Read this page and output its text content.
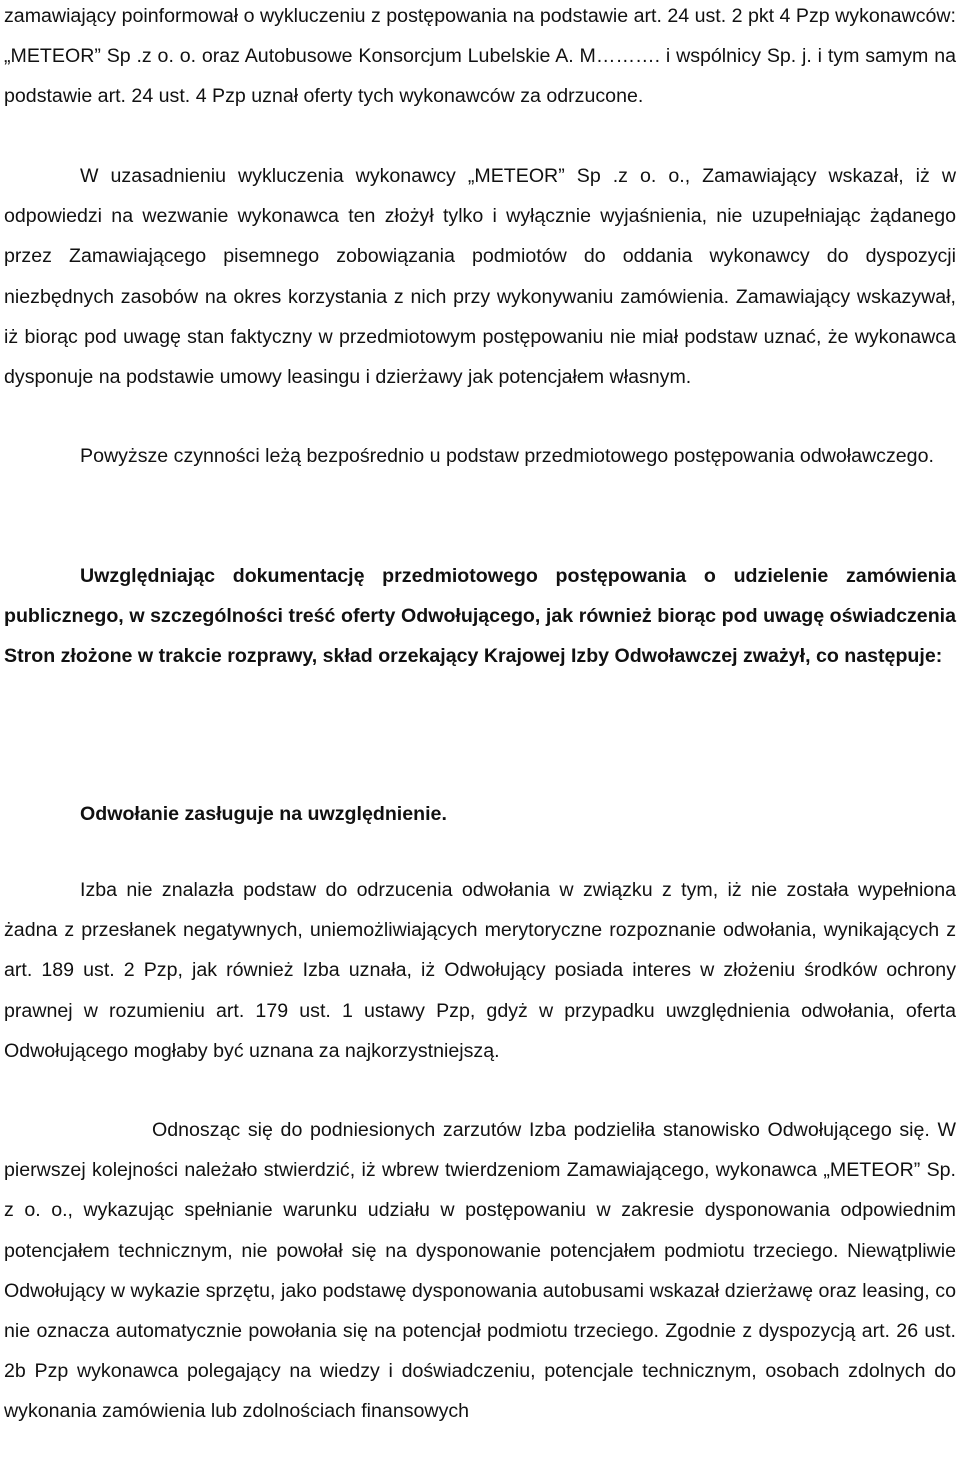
zamawiający poinformował o wykluczeniu z postępowania na podstawie art. 24 ust. 2 pkt 4 Pzp wykonawców: „METEOR” Sp .z o. o. oraz Autobusowe Konsorcjum Lubelskie A. M………. i wspólnicy Sp. j. i tym samym na podstawie art. 24 ust. 4 Pzp uznał oferty tych wykonawców za odrzucone.

W uzasadnieniu wykluczenia wykonawcy „METEOR” Sp .z o. o., Zamawiający wskazał, iż w odpowiedzi na wezwanie wykonawca ten złożył tylko i wyłącznie wyjaśnienia, nie uzupełniając żądanego przez Zamawiającego pisemnego zobowiązania podmiotów do oddania wykonawcy do dyspozycji niezbędnych zasobów na okres korzystania z nich przy wykonywaniu zamówienia. Zamawiający wskazywał, iż biorąc pod uwagę stan faktyczny w przedmiotowym postępowaniu nie miał podstaw uznać, że wykonawca dysponuje na podstawie umowy leasingu i dzierżawy jak potencjałem własnym.

Powyższe czynności leżą bezpośrednio u podstaw przedmiotowego postępowania odwoławczego.

Uwzględniając dokumentację przedmiotowego postępowania o udzielenie zamówienia publicznego, w szczególności treść oferty Odwołującego, jak również biorąc pod uwagę oświadczenia Stron złożone w trakcie rozprawy, skład orzekający Krajowej Izby Odwoławczej zważył, co następuje:

Odwołanie zasługuje na uwzględnienie.

Izba nie znalazła podstaw do odrzucenia odwołania w związku z tym, iż nie została wypełniona żadna z przesłanek negatywnych, uniemożliwiających merytoryczne rozpoznanie odwołania, wynikających z art. 189 ust. 2 Pzp, jak również Izba uznała, iż Odwołujący posiada interes w złożeniu środków ochrony prawnej w rozumieniu art. 179 ust. 1 ustawy Pzp, gdyż w przypadku uwzględnienia odwołania, oferta Odwołującego mogłaby być uznana za najkorzystniejszą.

Odnosząc się do podniesionych zarzutów Izba podzieliła stanowisko Odwołującego się. W pierwszej kolejności należało stwierdzić, iż wbrew twierdzeniom Zamawiającego, wykonawca „METEOR” Sp. z o. o., wykazując spełnianie warunku udziału w postępowaniu w zakresie dysponowania odpowiednim potencjałem technicznym, nie powołał się na dysponowanie potencjałem podmiotu trzeciego. Niewątpliwie Odwołujący w wykazie sprzętu, jako podstawę dysponowania autobusami wskazał dzierżawę oraz leasing, co nie oznacza automatycznie powołania się na potencjał podmiotu trzeciego. Zgodnie z dyspozycją art. 26 ust. 2b Pzp wykonawca polegający na wiedzy i doświadczeniu, potencjale technicznym, osobach zdolnych do wykonania zamówienia lub zdolnościach finansowych
